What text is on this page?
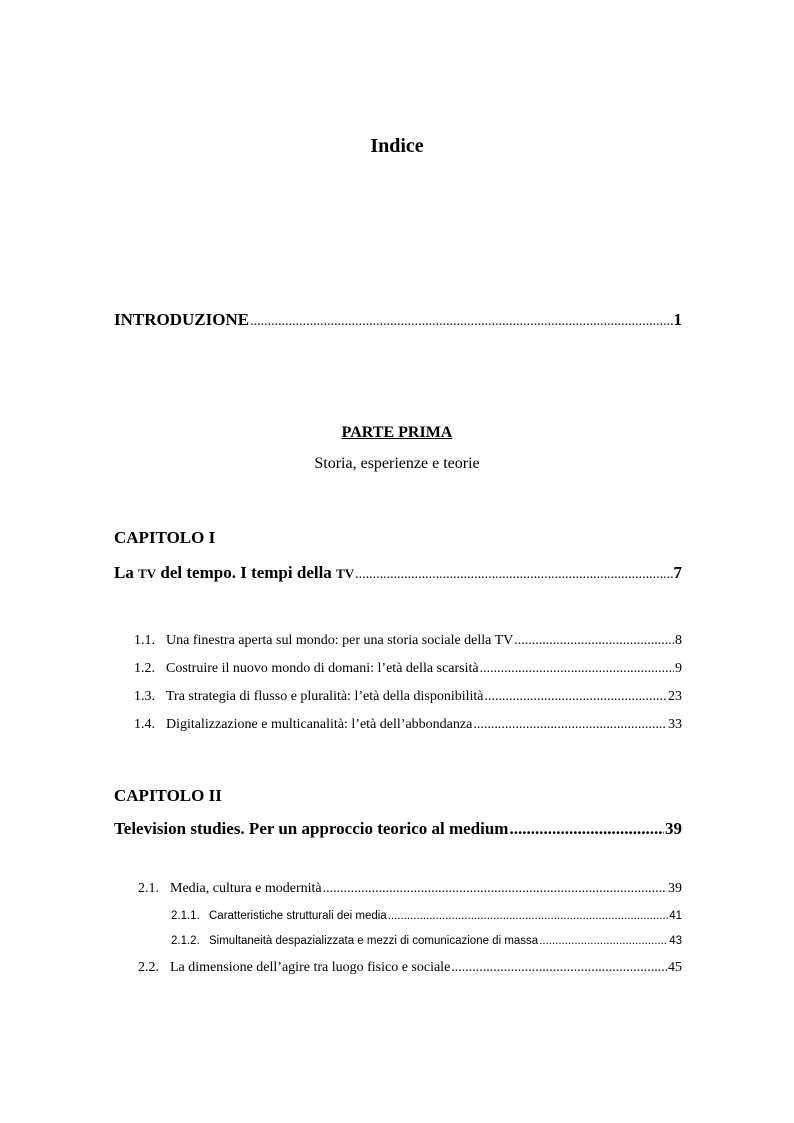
Indice
INTRODUZIONE .....	1
PARTE PRIMA
Storia, esperienze e teorie
CAPITOLO I
La TV del tempo. I tempi della TV .....	7
1.1. Una finestra aperta sul mondo: per una storia sociale della TV .....	8
1.2. Costruire il nuovo mondo di domani: l’età della scarsità .....	9
1.3. Tra strategia di flusso e pluralità: l’età della disponibilità .....	23
1.4. Digitalizzazione e multicanalità: l’età dell’abbondanza .....	33
CAPITOLO II
Television studies. Per un approccio teorico al medium .....	39
2.1. Media, cultura e modernità .....	39
2.1.1. Caratteristiche strutturali dei media .....	41
2.1.2. Simultaneità despazializzata e mezzi di comunicazione di massa .....	43
2.2. La dimensione dell’agire tra luogo fisico e sociale .....	45
